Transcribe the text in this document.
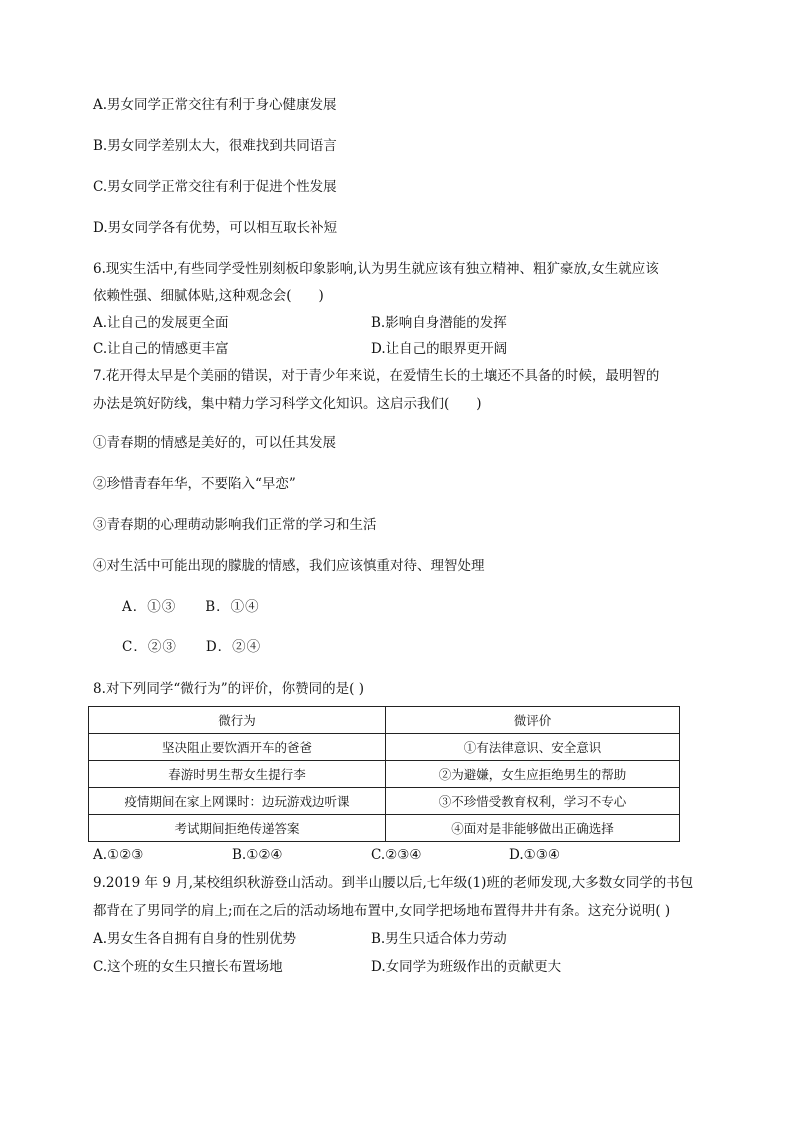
A.男女同学正常交往有利于身心健康发展
B.男女同学差别太大，很难找到共同语言
C.男女同学正常交往有利于促进个性发展
D.男女同学各有优势，可以相互取长补短
6.现实生活中,有些同学受性别刻板印象影响,认为男生就应该有独立精神、粗犷豪放,女生就应该
依赖性强、细腻体贴,这种观念会(　　)
A.让自己的发展更全面	B.影响自身潜能的发挥
C.让自己的情感更丰富	D.让自己的眼界更开阔
7.花开得太早是个美丽的错误，对于青少年来说，在爱情生长的土壤还不具备的时候，最明智的
办法是筑好防线，集中精力学习科学文化知识。这启示我们(　　)
①青春期的情感是美好的，可以任其发展
②珍惜青春年华，不要陷入“早恋”
③青春期的心理萌动影响我们正常的学习和生活
④对生活中可能出现的朦胧的情感，我们应该慎重对待、理智处理
A．①③　　B．①④
C．②③　　D．②④
8.对下列同学“微行为”的评价，你赞同的是( )
微行为	微评价
坚决阻止要饮酒开车的爸爸	①有法律意识、安全意识
春游时男生帮女生提行李	②为避嫌，女生应拒绝男生的帮助
疫情期间在家上网课时：边玩游戏边听课	③不珍惜受教育权利，学习不专心
考试期间拒绝传递答案	④面对是非能够做出正确选择
A.①②③	B.①②④	C.②③④	D.①③④
9.2019 年 9 月,某校组织秋游登山活动。到半山腰以后,七年级(1)班的老师发现,大多数女同学的书包
都背在了男同学的肩上;而在之后的活动场地布置中,女同学把场地布置得井井有条。这充分说明( )
A.男女生各自拥有自身的性别优势	B.男生只适合体力劳动
C.这个班的女生只擅长布置场地	D.女同学为班级作出的贡献更大
